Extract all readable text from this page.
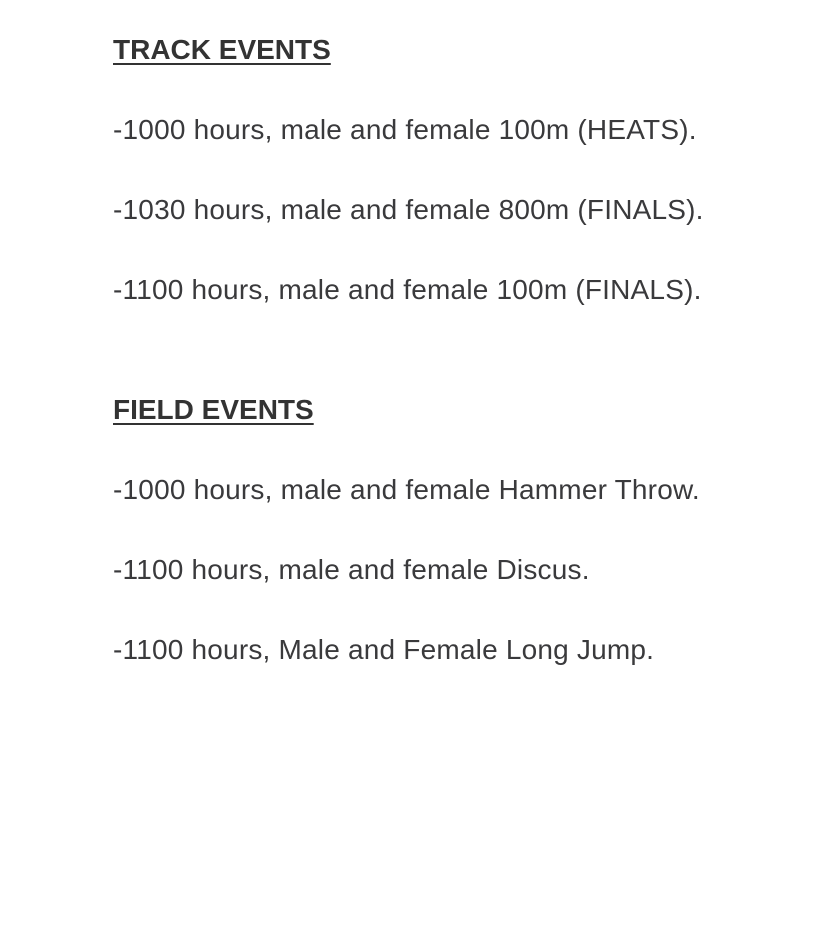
TRACK EVENTS

-1000 hours, male and female 100m (HEATS).

-1030 hours, male and female 800m (FINALS).

-1100 hours, male and female 100m (FINALS).

FIELD EVENTS

-1000 hours, male and female Hammer Throw.

-1100 hours, male and female Discus.

-1100 hours, Male and Female Long Jump.
